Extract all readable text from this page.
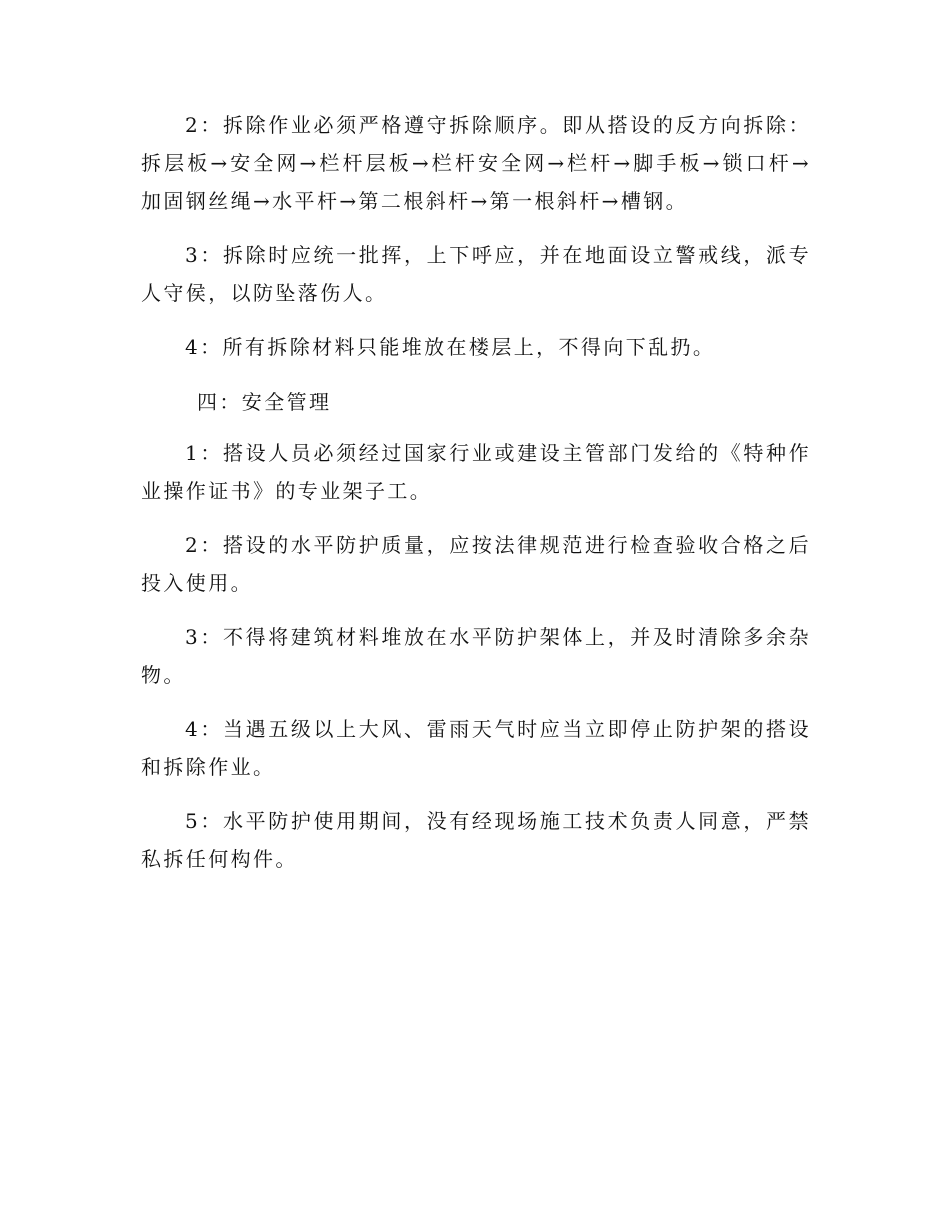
2：拆除作业必须严格遵守拆除顺序。即从搭设的反方向拆除：拆层板→安全网→栏杆层板→栏杆安全网→栏杆→脚手板→锁口杆→加固钢丝绳→水平杆→第二根斜杆→第一根斜杆→槽钢。

3：拆除时应统一批挥，上下呼应，并在地面设立警戒线，派专人守侯，以防坠落伤人。

4：所有拆除材料只能堆放在楼层上，不得向下乱扔。

四：安全管理

1：搭设人员必须经过国家行业或建设主管部门发给的《特种作业操作证书》的专业架子工。

2：搭设的水平防护质量，应按法律规范进行检查验收合格之后投入使用。

3：不得将建筑材料堆放在水平防护架体上，并及时清除多余杂物。

4：当遇五级以上大风、雷雨天气时应当立即停止防护架的搭设和拆除作业。

5：水平防护使用期间，没有经现场施工技术负责人同意，严禁私拆任何构件。
